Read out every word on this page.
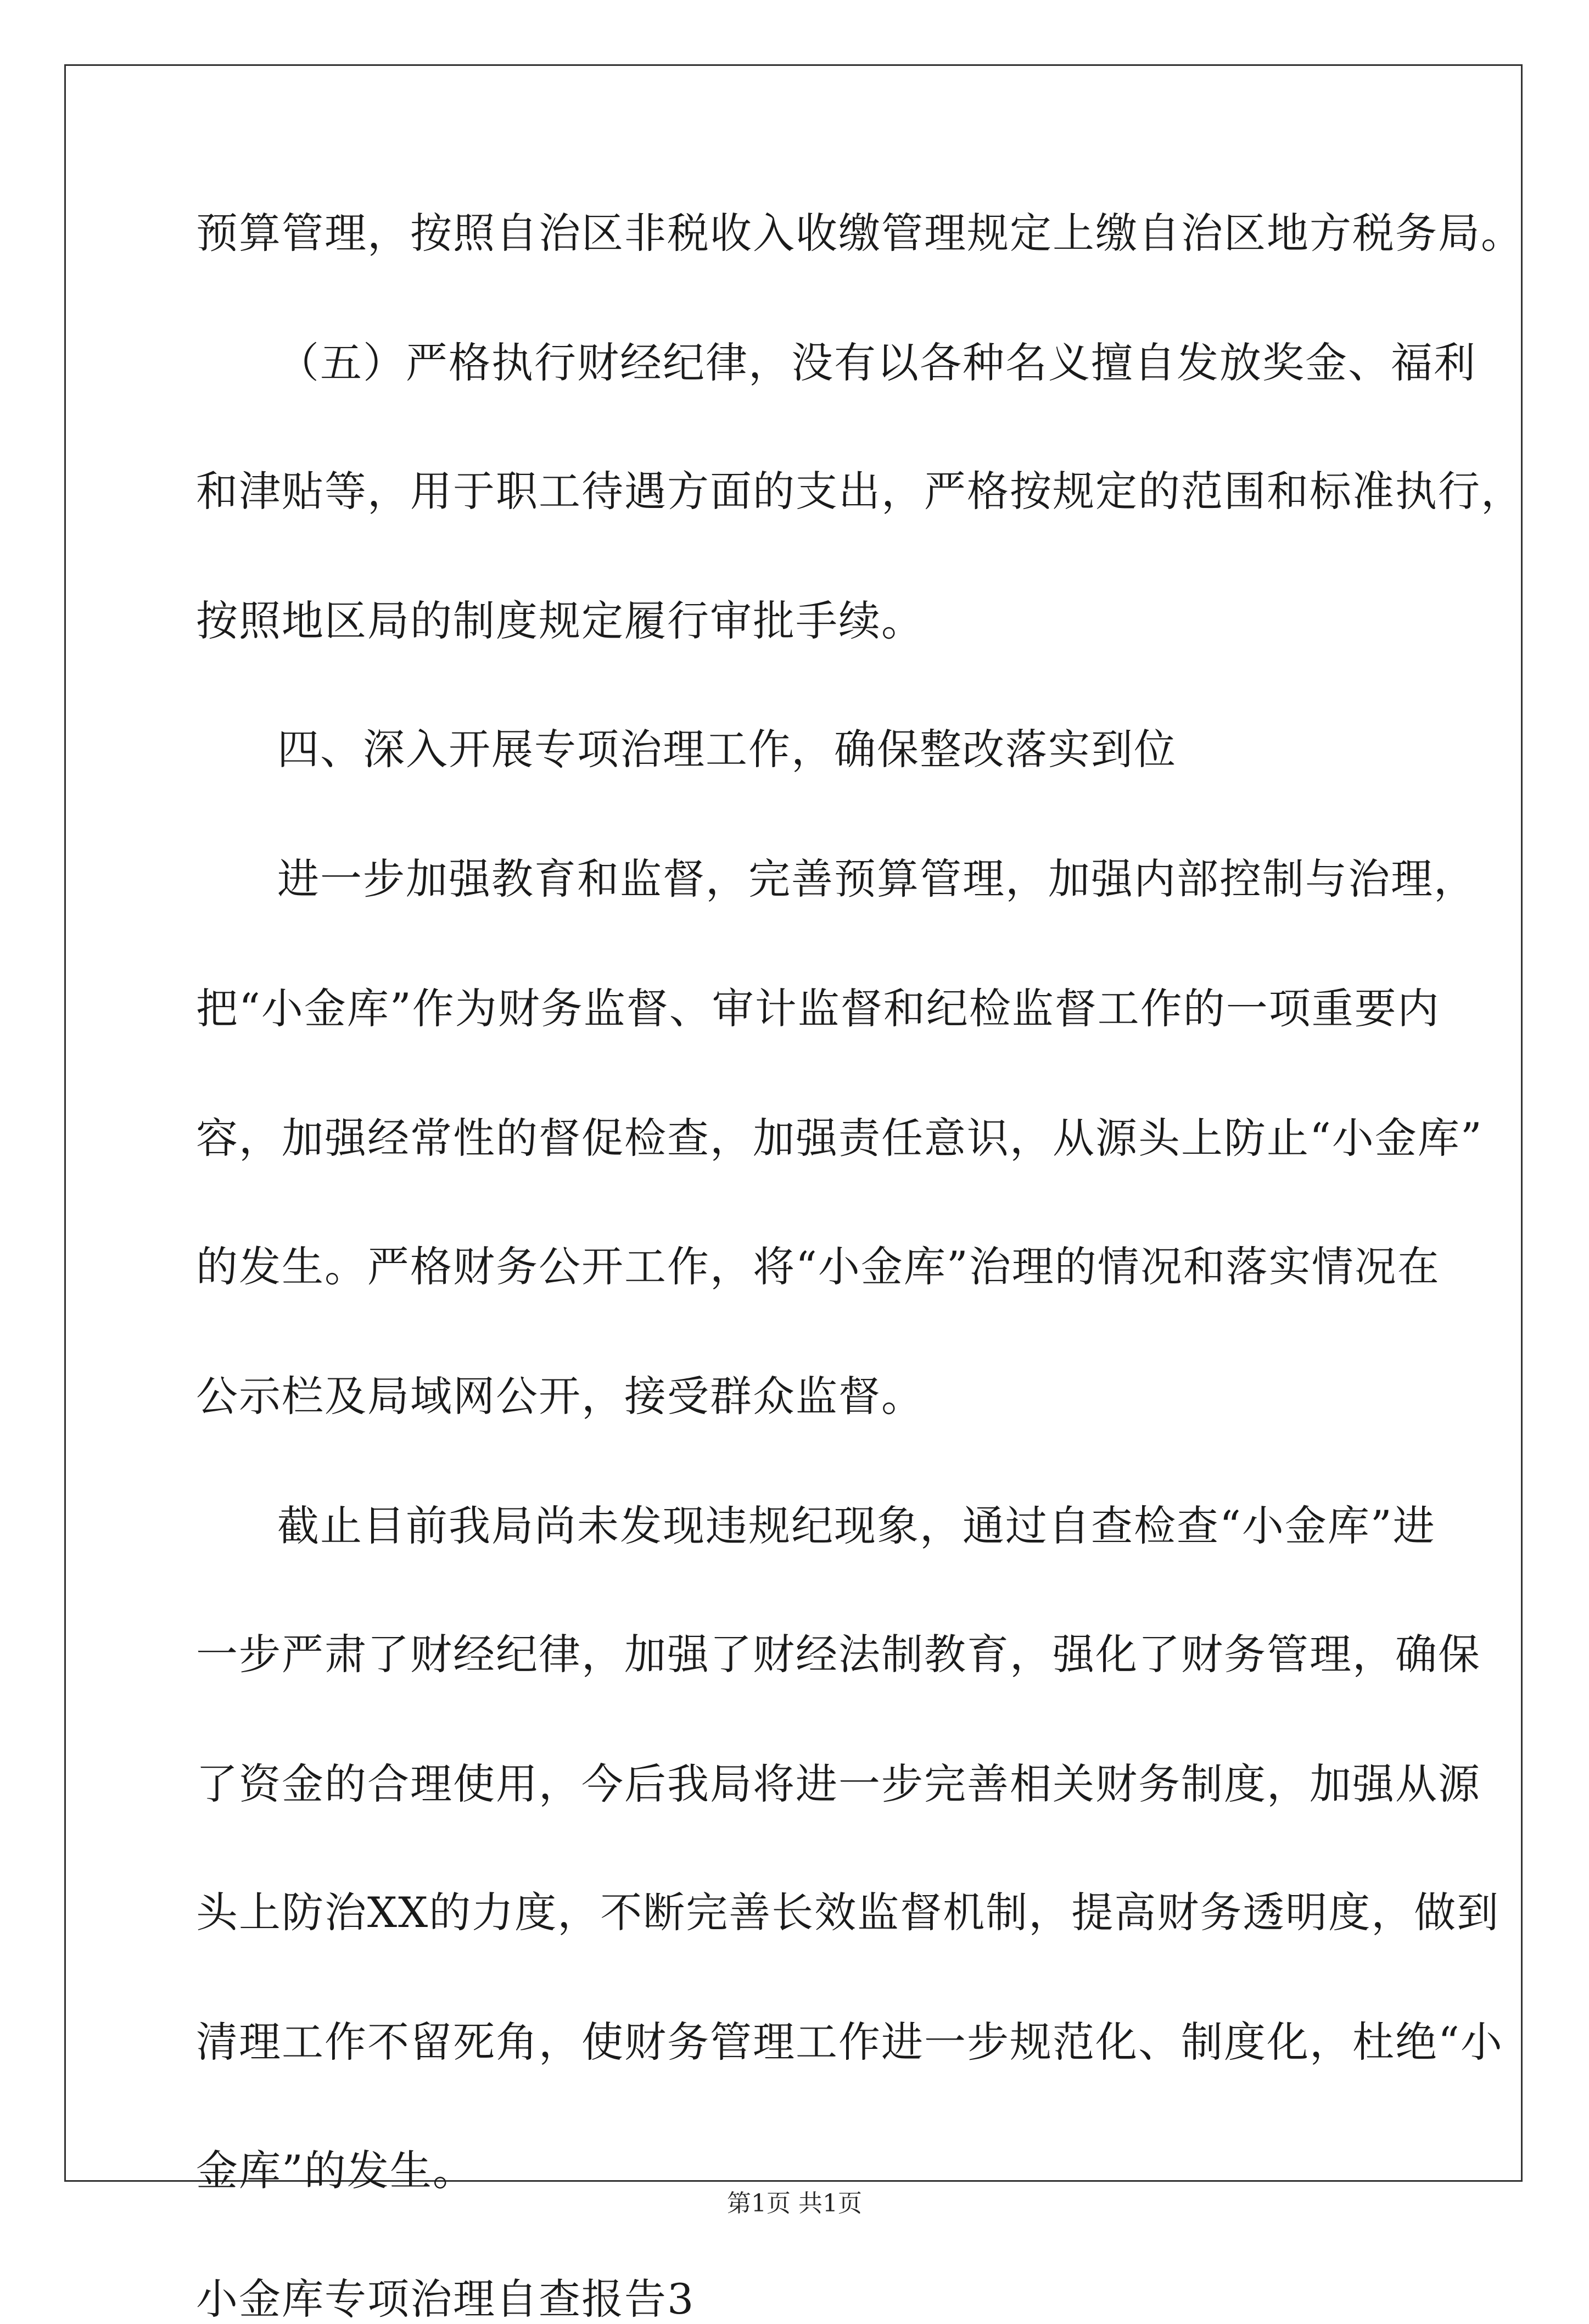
预算管理，按照自治区非税收入收缴管理规定上缴自治区地方税务局。
（五）严格执行财经纪律，没有以各种名义擅自发放奖金、福利
和津贴等，用于职工待遇方面的支出，严格按规定的范围和标准执行，
按照地区局的制度规定履行审批手续。
四、深入开展专项治理工作，确保整改落实到位
进一步加强教育和监督，完善预算管理，加强内部控制与治理，
把“小金库”作为财务监督、审计监督和纪检监督工作的一项重要内
容，加强经常性的督促检查，加强责任意识，从源头上防止“小金库”
的发生。严格财务公开工作，将“小金库”治理的情况和落实情况在
公示栏及局域网公开，接受群众监督。
截止目前我局尚未发现违规纪现象，通过自查检查“小金库”进
一步严肃了财经纪律，加强了财经法制教育，强化了财务管理，确保
了资金的合理使用，今后我局将进一步完善相关财务制度，加强从源
头上防治XX的力度，不断完善长效监督机制，提高财务透明度，做到
清理工作不留死角，使财务管理工作进一步规范化、制度化，杜绝“小
金库”的发生。
小金库专项治理自查报告3
第1页 共1页
